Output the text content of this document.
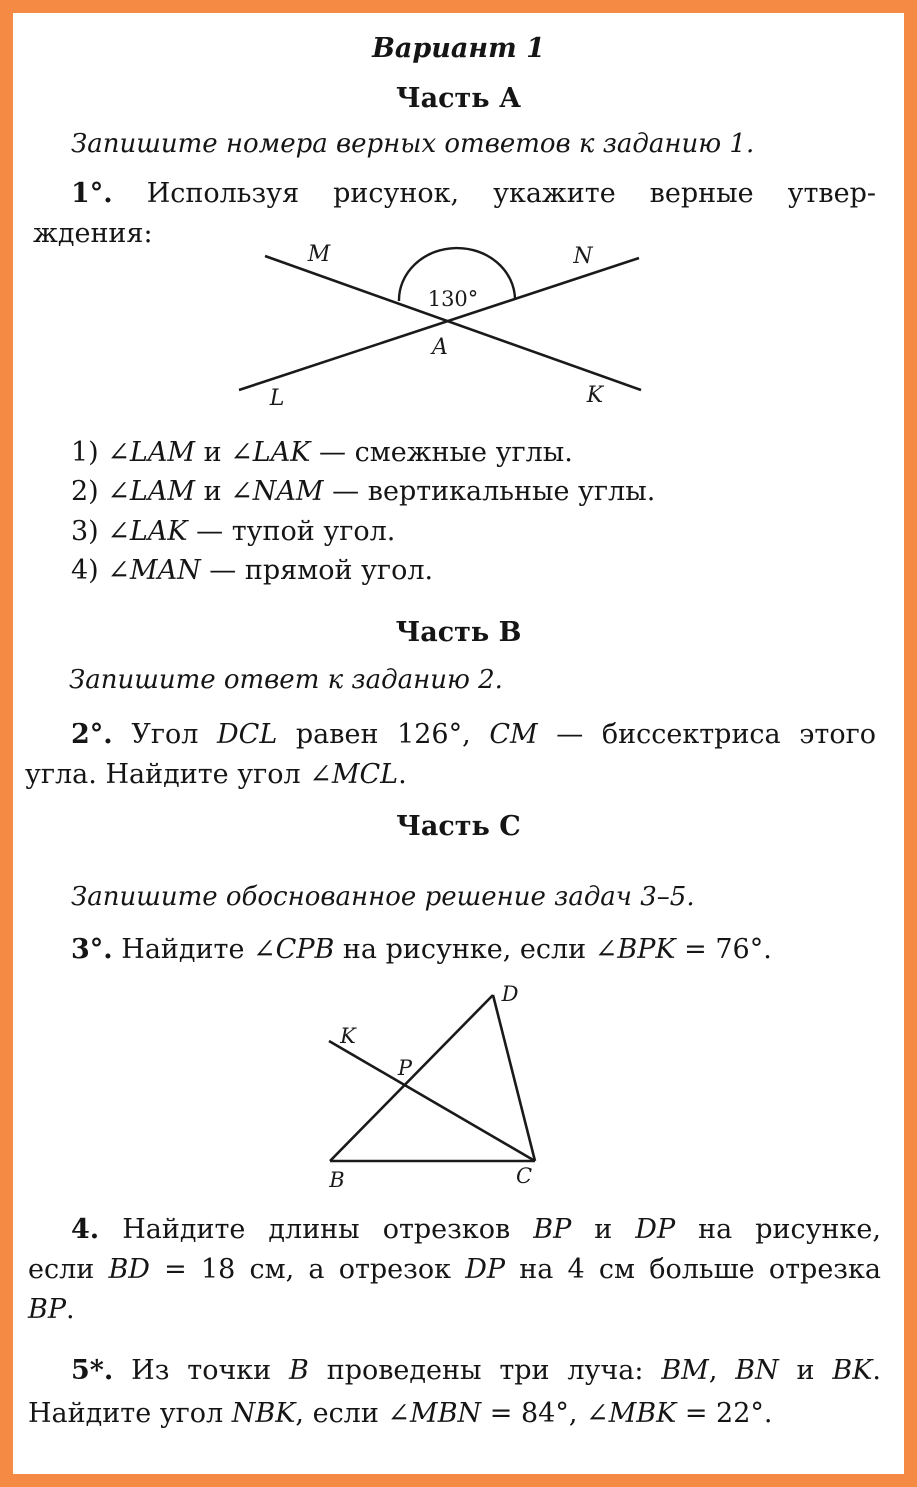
Вариант 1
Часть А
Запишите номера верных ответов к заданию 1.
1°. Используя рисунок, укажите верные утвер-
ждения:
130°
M	N
A
L	K
1) ∠LAM и ∠LAK — смежные углы.
2) ∠LAM и ∠NAM — вертикальные углы.
3) ∠LAK — тупой угол.
4) ∠MAN — прямой угол.
Часть В
Запишите ответ к заданию 2.
2°. Угол DCL равен 126°, CM — биссектриса этого
угла. Найдите угол ∠MCL.
Часть С
Запишите обоснованное решение задач 3–5.
3°. Найдите ∠CPB на рисунке, если ∠BPK = 76°.
K
P
D
B	C
4. Найдите длины отрезков BP и DP на рисунке,
если BD = 18 см, а отрезок DP на 4 см больше отрезка
BP.
5*. Из точки B проведены три луча: BM, BN и BK.
Найдите угол NBK, если ∠MBN = 84°, ∠MBK = 22°.
